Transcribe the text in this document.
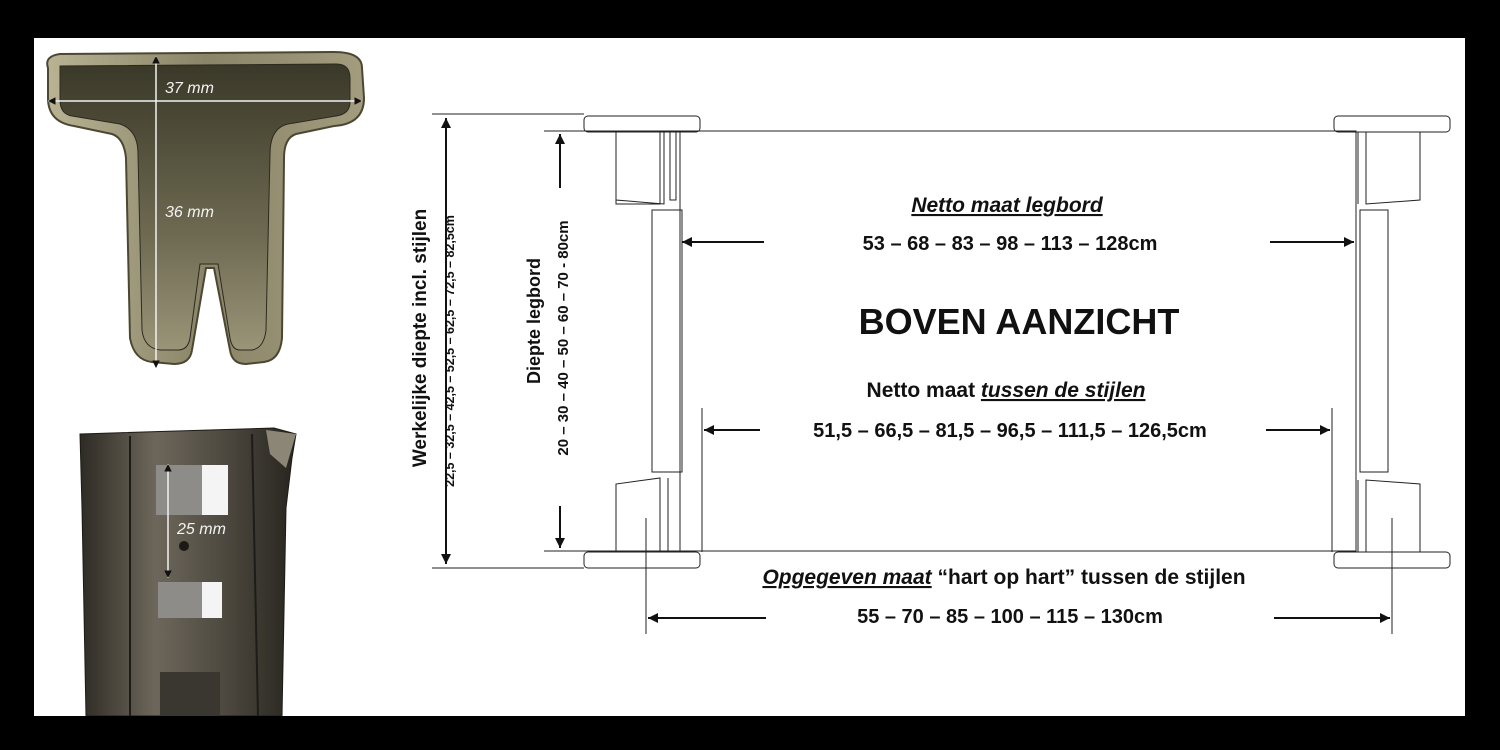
37 mm
36 mm
25 mm
Netto maat legbord
53 – 68 – 83 – 98 – 113 – 128cm
BOVEN AANZICHT
Netto maat tussen de stijlen
51,5 – 66,5 – 81,5 – 96,5 – 111,5 – 126,5cm
Opgegeven maat “hart op hart” tussen de stijlen
55 – 70 – 85 – 100 – 115 – 130cm
Diepte legbord 20 – 30 – 40 – 50 – 60 – 70 - 80cm
Werkelijke diepte incl. stijlen 22,5 – 32,5 – 42,5 – 52,5 – 62,5 – 72,5 – 82,5cm
